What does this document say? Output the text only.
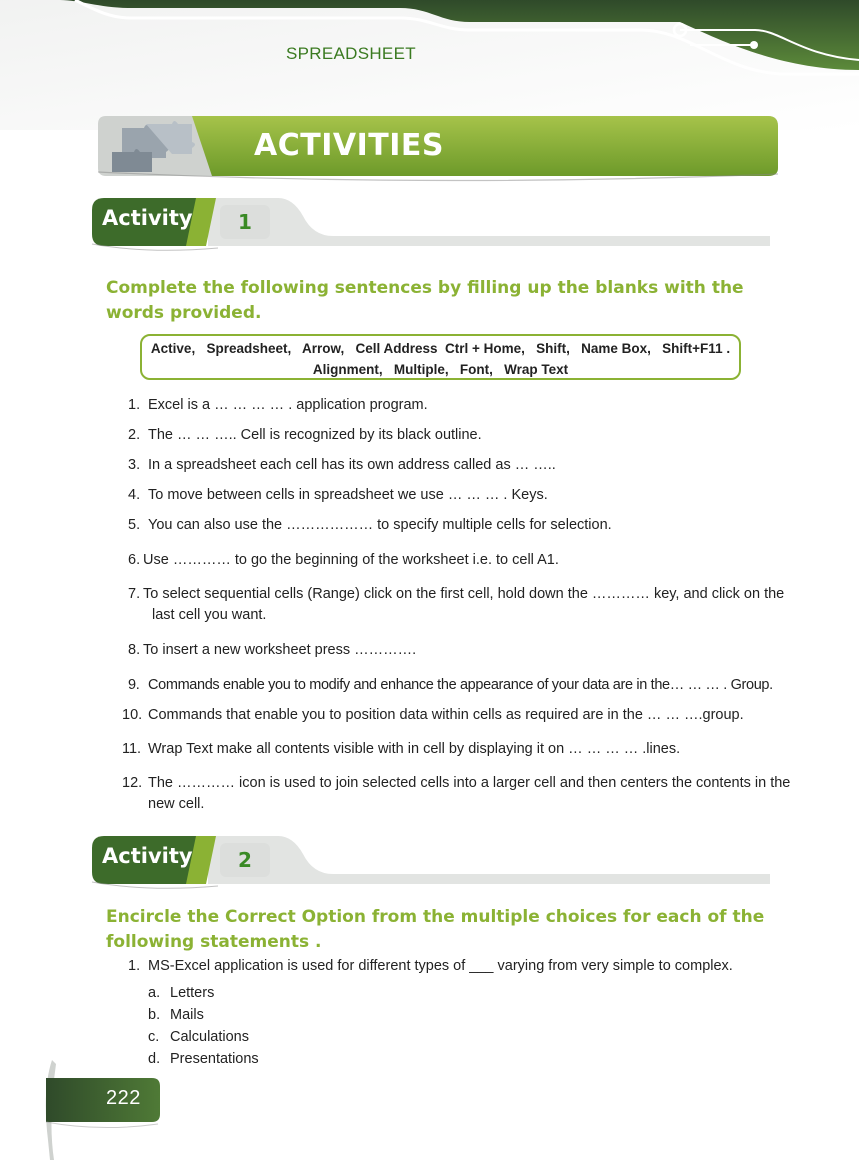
SPREADSHEET
ACTIVITIES
Activity	1
Complete the following sentences by filling up the blanks with the words provided.
Active,   Spreadsheet,   Arrow,   Cell Address  Ctrl + Home,   Shift,   Name Box,   Shift+F11 .
Alignment,   Multiple,   Font,   Wrap Text
1. Excel is a … … … … . application program.
2. The … … ….. Cell is recognized by its black outline.
3. In a spreadsheet each cell has its own address called as … …..
4. To move between cells in spreadsheet we use … … … . Keys.
5. You can also use the ……………… to specify multiple cells for selection.
6. Use ………… to go the beginning of the worksheet i.e. to cell A1.
7. To select sequential cells (Range) click on the first cell, hold down the ………… key, and click on the last cell you want.
8. To insert a new worksheet press ………….
9. Commands enable you to modify and enhance the appearance of your data are in the… … … . Group.
10. Commands that enable you to position data within cells as required are in the … … ….group.
11. Wrap Text make all contents visible with in cell by displaying it on … … … … .lines.
12. The ………… icon is used to join selected cells into a larger cell and then centers the contents in the new cell.
Activity	2
Encircle the Correct Option from the multiple choices for each of the following statements .
1. MS-Excel application is used for different types of ___ varying from very simple to complex.
a. Letters
b. Mails
c. Calculations
d. Presentations
222
